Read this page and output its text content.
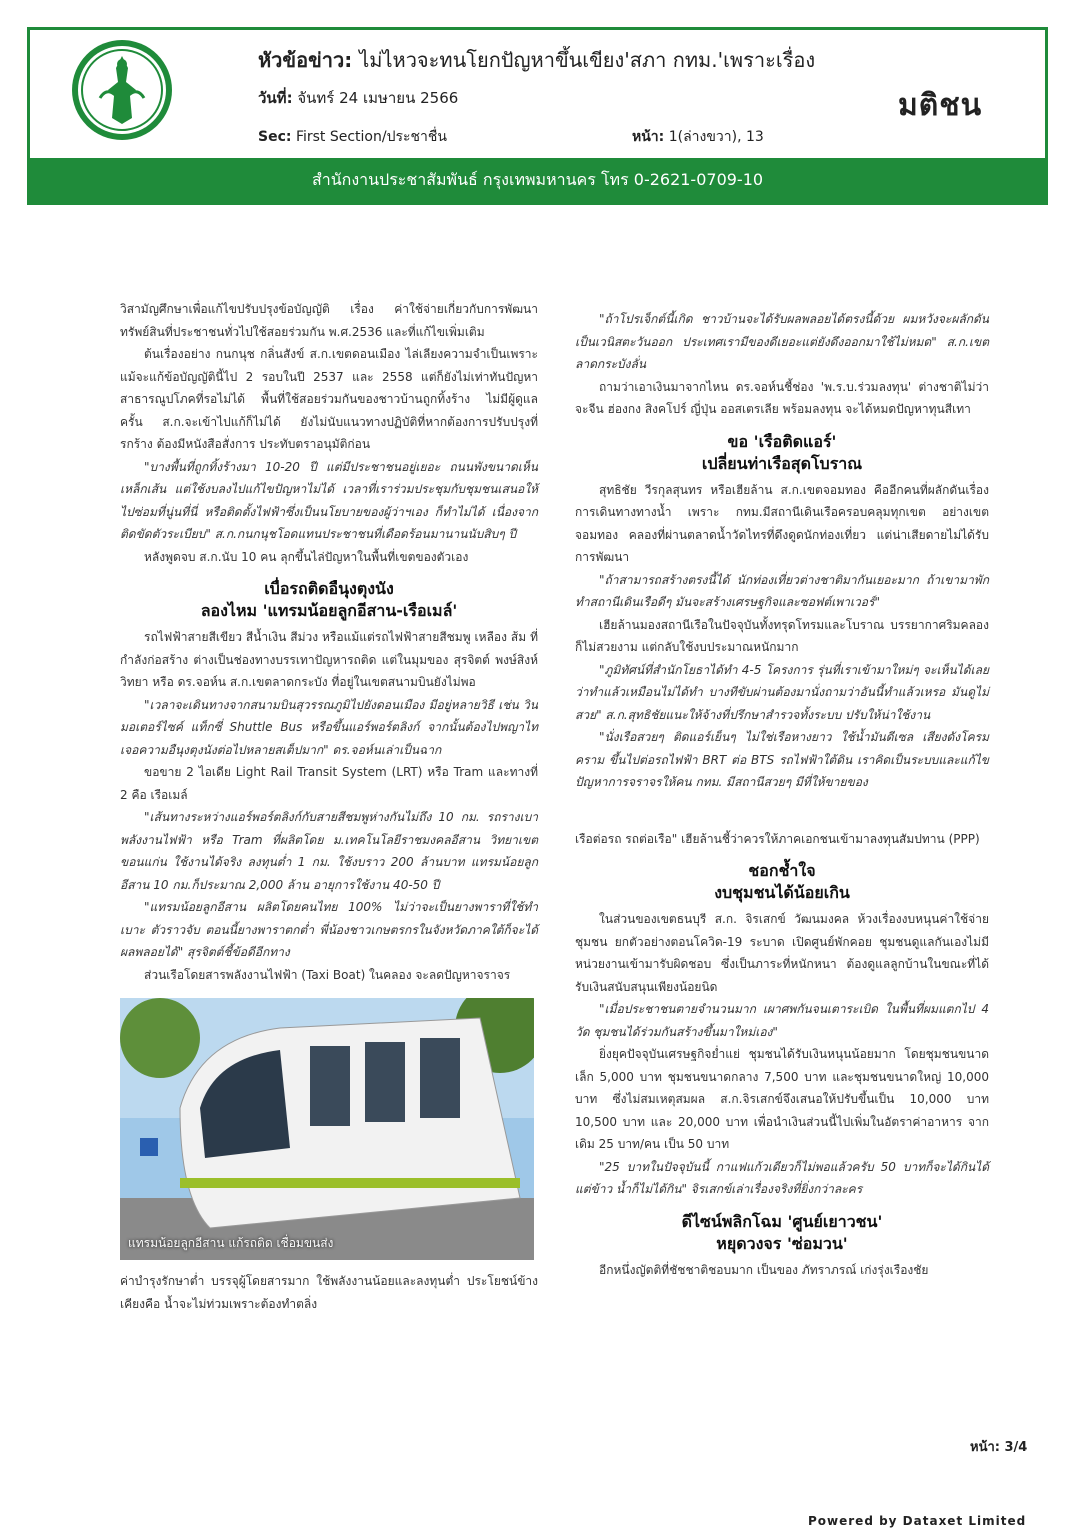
หัวข้อข่าว: ไม่ไหวจะทนโยกปัญหาขึ้นเขียง'สภา กทม.'เพราะเรื่อง
วันที่: จันทร์ 24 เมษายน 2566
Sec: First Section/ประชาชื่น	หน้า: 1(ล่างขวา), 13
มติชน
สำนักงานประชาสัมพันธ์ กรุงเทพมหานคร โทร 0-2621-0709-10

วิสามัญศึกษาเพื่อแก้ไขปรับปรุงข้อบัญญัติ เรื่อง ค่าใช้จ่ายเกี่ยวกับการพัฒนาทรัพย์สินที่ประชาชนทั่วไปใช้สอยร่วมกัน พ.ศ.2536 และที่แก้ไขเพิ่มเติม

ต้นเรื่องอย่าง กนกนุช กลิ่นสังข์ ส.ก.เขตดอนเมือง ไล่เลียงความจำเป็นเพราะแม้จะแก้ข้อบัญญัตินี้ไป 2 รอบในปี 2537 และ 2558 แต่ก็ยังไม่เท่าทันปัญหาสาธารณูปโภคที่รอไม่ได้ พื้นที่ใช้สอยร่วมกันของชาวบ้านถูกทิ้งร้าง ไม่มีผู้ดูแล ครั้น ส.ก.จะเข้าไปแก้ก็ไม่ได้ ยังไม่นับแนวทางปฏิบัติที่หากต้องการปรับปรุงที่รกร้าง ต้องมีหนังสือสั่งการ ประทับตราอนุมัติก่อน

"บางพื้นที่ถูกทิ้งร้างมา 10-20 ปี แต่มีประชาชนอยู่เยอะ ถนนพังขนาดเห็นเหล็กเส้น แต่ใช้งบลงไปแก้ไขปัญหาไม่ได้ เวลาที่เราร่วมประชุมกับชุมชนเสนอให้ไปซ่อมที่นู่นที่นี่ หรือติดตั้งไฟฟ้าซึ่งเป็นนโยบายของผู้ว่าฯเอง ก็ทำไม่ได้ เนื่องจากติดขัดตัวระเบียบ" ส.ก.กนกนุชโอดแทนประชาชนที่เดือดร้อนมานานนับสิบๆ ปี

หลังพูดจบ ส.ก.นับ 10 คน ลุกขึ้นไล่ปัญหาในพื้นที่เขตของตัวเอง

เบื่อรถติดอืนุงตุงนัง
ลองไหม 'แทรมน้อยลูกอีสาน-เรือเมล์'

รถไฟฟ้าสายสีเขียว สีน้ำเงิน สีม่วง หรือแม้แต่รถไฟฟ้าสายสีชมพู เหลือง ส้ม ที่กำลังก่อสร้าง ต่างเป็นช่องทางบรรเทาปัญหารถติด แต่ในมุมของ สุรจิตต์ พงษ์สิงห์วิทยา หรือ ดร.จอห์น ส.ก.เขตลาดกระบัง ที่อยู่ในเขตสนามบินยังไม่พอ

"เวลาจะเดินทางจากสนามบินสุวรรณภูมิไปยังดอนเมือง มีอยู่หลายวิธี เช่น วินมอเตอร์ไซค์ แท็กซี่ Shuttle Bus หรือขึ้นแอร์พอร์ตลิงก์ จากนั้นต้องไปพญาไท เจอความอืนุงตุงนังต่อไปหลายสเต็ปมาก" ดร.จอห์นเล่าเป็นฉาก

ขอขาย 2 ไอเดีย Light Rail Transit System (LRT) หรือ Tram และทางที่ 2 คือ เรือเมล์

"เส้นทางระหว่างแอร์พอร์ตลิงก์กับสายสีชมพูห่างกันไม่ถึง 10 กม. รถรางเบาพลังงานไฟฟ้า หรือ Tram ที่ผลิตโดย ม.เทคโนโลยีราชมงคลอีสาน วิทยาเขตขอนแก่น ใช้งานได้จริง ลงทุนต่ำ 1 กม. ใช้งบราว 200 ล้านบาท แทรมน้อยลูกอีสาน 10 กม.ก็ประมาณ 2,000 ล้าน อายุการใช้งาน 40-50 ปี

"แทรมน้อยลูกอีสาน ผลิตโดยคนไทย 100% ไม่ว่าจะเป็นยางพาราที่ใช้ทำเบาะ ตัวราวจับ ตอนนี้ยางพาราตกต่ำ พี่น้องชาวเกษตรกรในจังหวัดภาคใต้ก็จะได้ผลพลอยได้" สุรจิตต์ชี้ข้อดีอีกทาง

ส่วนเรือโดยสารพลังงานไฟฟ้า (Taxi Boat) ในคลอง จะลดปัญหาจราจร

แทรมน้อยลูกอีสาน แก้รถติด เชื่อมขนส่ง

ค่าบำรุงรักษาต่ำ บรรจุผู้โดยสารมาก ใช้พลังงานน้อยและลงทุนต่ำ ประโยชน์ข้างเคียงคือ น้ำจะไม่ท่วมเพราะต้องทำตลิ่ง

"ถ้าโปรเจ็กต์นี้เกิด ชาวบ้านจะได้รับผลพลอยได้ตรงนี้ด้วย ผมหวังจะผลักดันเป็นเวนิสตะวันออก ประเทศเรามีของดีเยอะแต่ยังดึงออกมาใช้ไม่หมด" ส.ก.เขตลาดกระบังลั่น

ถามว่าเอาเงินมาจากไหน ดร.จอห์นชี้ช่อง 'พ.ร.บ.ร่วมลงทุน' ต่างชาติไม่ว่าจะจีน ฮ่องกง สิงคโปร์ ญี่ปุ่น ออสเตรเลีย พร้อมลงทุน จะได้หมดปัญหาทุนสีเทา

ขอ 'เรือติดแอร์'
เปลี่ยนท่าเรือสุดโบราณ

สุทธิชัย วีรกุลสุนทร หรือเฮียล้าน ส.ก.เขตจอมทอง คืออีกคนที่ผลักดันเรื่องการเดินทางทางน้ำ เพราะ กทม.มีสถานีเดินเรือครอบคลุมทุกเขต อย่างเขตจอมทอง คลองที่ผ่านตลาดน้ำวัดไทรที่ดึงดูดนักท่องเที่ยว แต่น่าเสียดายไม่ได้รับการพัฒนา

"ถ้าสามารถสร้างตรงนี้ได้ นักท่องเที่ยวต่างชาติมากันเยอะมาก ถ้าเขามาพัก ทำสถานีเดินเรือดีๆ มันจะสร้างเศรษฐกิจและซอฟต์เพาเวอร์"

เฮียล้านมองสถานีเรือในปัจจุบันทั้งทรุดโทรมและโบราณ บรรยากาศริมคลองก็ไม่สวยงาม แต่กลับใช้งบประมาณหนักมาก

"ภูมิทัศน์ที่สำนักโยธาได้ทำ 4-5 โครงการ รุ่นที่เราเข้ามาใหม่ๆ จะเห็นได้เลยว่าทำแล้วเหมือนไม่ได้ทำ บางทีขับผ่านต้องมานั่งถามว่าอันนี้ทำแล้วเหรอ มันดูไม่สวย" ส.ก.สุทธิชัยแนะให้จ้างที่ปรึกษาสำรวจทั้งระบบ ปรับให้น่าใช้งาน

"นั่งเรือสวยๆ ติดแอร์เย็นๆ ไม่ใช่เรือหางยาว ใช้น้ำมันดีเซล เสียงดังโครมคราม ขึ้นไปต่อรถไฟฟ้า BRT ต่อ BTS รถไฟฟ้าใต้ดิน เราคิดเป็นระบบและแก้ไขปัญหาการจราจรให้คน กทม. มีสถานีสวยๆ มีที่ให้ขายของ

เรือต่อรถ รถต่อเรือ" เฮียล้านชี้ว่าควรให้ภาคเอกชนเข้ามาลงทุนสัมปทาน (PPP)

ชอกช้ำใจ
งบชุมชนได้น้อยเกิน

ในส่วนของเขตธนบุรี ส.ก. จิรเสกข์ วัฒนมงคล ห้วงเรื่องงบหนุนค่าใช้จ่ายชุมชน ยกตัวอย่างตอนโควิด-19 ระบาด เปิดศูนย์พักคอย ชุมชนดูแลกันเองไม่มีหน่วยงานเข้ามารับผิดชอบ ซึ่งเป็นภาระที่หนักหนา ต้องดูแลลูกบ้านในขณะที่ได้รับเงินสนับสนุนเพียงน้อยนิด

"เมื่อประชาชนตายจำนวนมาก เผาศพกันจนเตาระเบิด ในพื้นที่ผมแตกไป 4 วัด ชุมชนได้ร่วมกันสร้างขึ้นมาใหม่เอง"

ยิ่งยุคปัจจุบันเศรษฐกิจย่ำแย่ ชุมชนได้รับเงินหนุนน้อยมาก โดยชุมชนขนาดเล็ก 5,000 บาท ชุมชนขนาดกลาง 7,500 บาท และชุมชนขนาดใหญ่ 10,000 บาท ซึ่งไม่สมเหตุสมผล ส.ก.จิรเสกข์จึงเสนอให้ปรับขึ้นเป็น 10,000 บาท 10,500 บาท และ 20,000 บาท เพื่อนำเงินส่วนนี้ไปเพิ่มในอัตราค่าอาหาร จากเดิม 25 บาท/คน เป็น 50 บาท

"25 บาทในปัจจุบันนี้ กาแฟแก้วเดียวก็ไม่พอแล้วครับ 50 บาทก็จะได้กินได้แต่ข้าว น้ำก็ไม่ได้กิน" จิรเสกข์เล่าเรื่องจริงที่ยิ่งกว่าละคร

ดีไซน์พลิกโฉม 'ศูนย์เยาวชน'
หยุดวงจร 'ซ่อมวน'

อีกหนึ่งญัตติที่ชัชชาติชอบมาก เป็นของ ภัทราภรณ์ เก่งรุ่งเรืองชัย

หน้า: 3/4
Powered by Dataxet Limited
